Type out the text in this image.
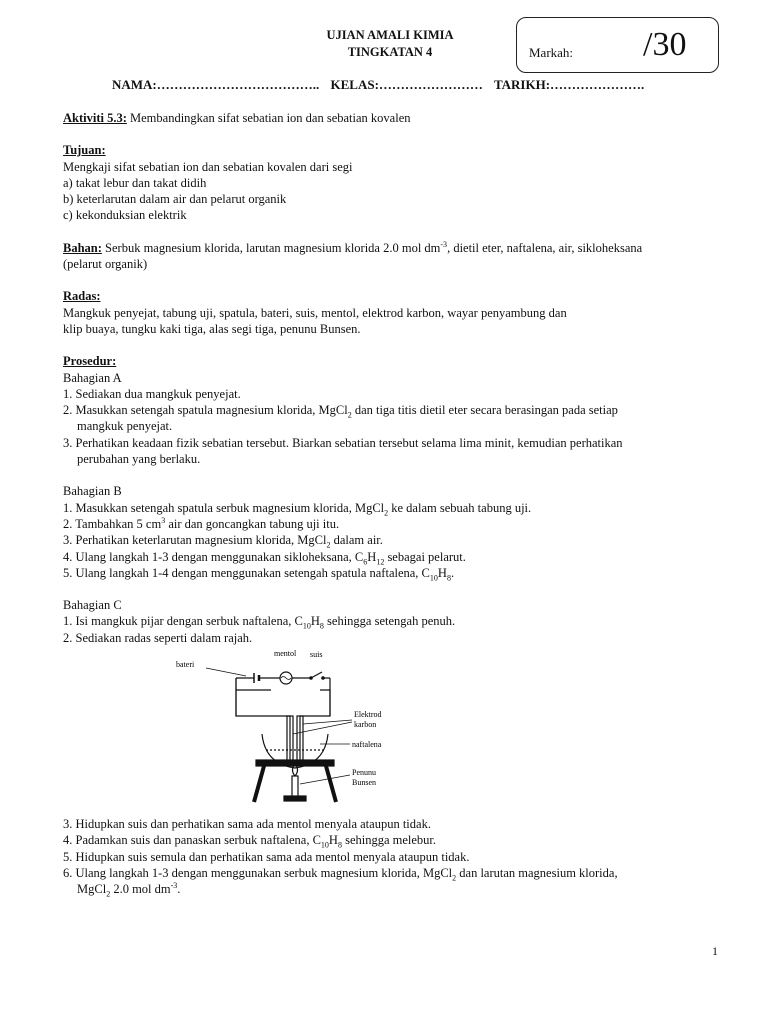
UJIAN AMALI KIMIA
TINGKATAN 4	Markah: /30
NAMA:……………………………….. KELAS:…………………… TARIKH:………………….

Aktiviti 5.3: Membandingkan sifat sebatian ion dan sebatian kovalen

Tujuan:

Mengkaji sifat sebatian ion dan sebatian kovalen dari segi

a) takat lebur dan takat didih

b) keterlarutan dalam air dan pelarut organik

c) kekonduksian elektrik

Bahan: Serbuk magnesium klorida, larutan magnesium klorida 2.0 mol $dm^{-3}$, dietil eter, naftalena, air, sikloheksana

(pelarut organik)

Radas:

Mangkuk penyejat, tabung uji, spatula, bateri, suis, mentol, elektrod karbon, wayar penyambung dan

klip buaya, tungku kaki tiga, alas segi tiga, penunu Bunsen.

Prosedur:

Bahagian A

1. Sediakan dua mangkuk penyejat.

2. Masukkan setengah spatula magnesium klorida, MgCl$_2$ dan tiga titis dietil eter secara berasingan pada setiap

mangkuk penyejat.

3. Perhatikan keadaan fizik sebatian tersebut. Biarkan sebatian tersebut selama lima minit, kemudian perhatikan

perubahan yang berlaku.

Bahagian B

1. Masukkan setengah spatula serbuk magnesium klorida, MgCl$_2$ ke dalam sebuah tabung uji.

2. Tambahkan 5 $cm^3$ air dan goncangkan tabung uji itu.

3. Perhatikan keterlarutan magnesium klorida, MgCl$_2$ dalam air.

4. Ulang langkah 1-3 dengan menggunakan sikloheksana, $C_6H_{12}$ sebagai pelarut.

5. Ulang langkah 1-4 dengan menggunakan setengah spatula naftalena, $C_{10}H_8$.

Bahagian C

1. Isi mangkuk pijar dengan serbuk naftalena, $C_{10}H_8$ sehingga setengah penuh.

2. Sediakan radas seperti dalam rajah.

3. Hidupkan suis dan perhatikan sama ada mentol menyala ataupun tidak.

4. Padamkan suis dan panaskan serbuk naftalena, $C_{10}H_8$ sehingga melebur.

5. Hidupkan suis semula dan perhatikan sama ada mentol menyala ataupun tidak.

6. Ulang langkah 1-3 dengan menggunakan serbuk magnesium klorida, MgCl$_2$ dan larutan magnesium klorida,

MgCl$_2$ 2.0 mol $dm^{-3}$.

bateri
mentol suis
Elektrod
karbon
naftalena
Penunu
Bunsen
1
